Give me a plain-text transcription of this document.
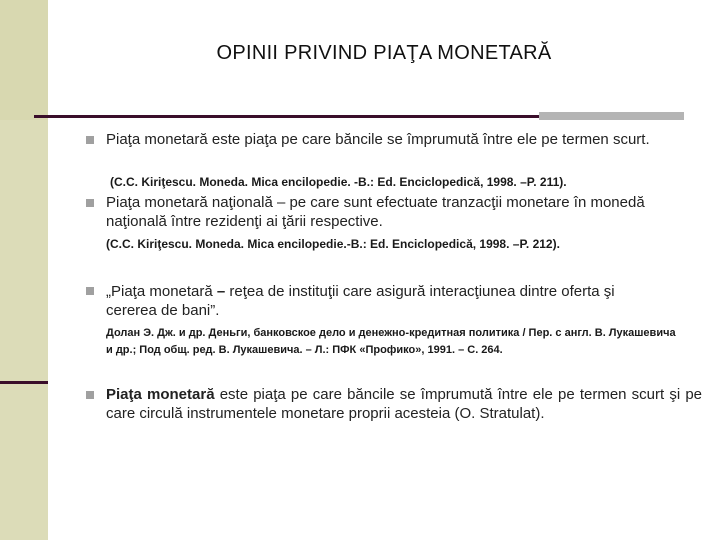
OPINII PRIVIND PIAŢA MONETARĂ
Piaţa monetară este piaţa pe care băncile se împrumută între ele pe termen scurt.
(C.C. Kiriţescu. Moneda. Mica encilopedie. -B.: Ed. Enciclopedică, 1998. –P. 211).
Piaţa monetară naţională – pe care sunt efectuate tranzacţii monetare în monedă naţională între rezidenţi ai ţării respective.
(C.C. Kiriţescu. Moneda. Mica encilopedie.-B.: Ed. Enciclopedică, 1998. –P. 212).
„Piaţa monetară – reţea de instituţii care asigură interacţiunea dintre oferta şi cererea de bani”.
Долан Э. Дж. и др. Деньги, банковское дело и денежно-кредитная политика / Пер. с англ. В. Лукашевича и др.; Под общ. ред. В. Лукашевича. – Л.: ПФК «Профико», 1991. – С. 264.
Piaţa monetară este piaţa pe care băncile se împrumută între ele pe termen scurt şi pe care circulă instrumentele monetare proprii acesteia (O. Stratulat).
